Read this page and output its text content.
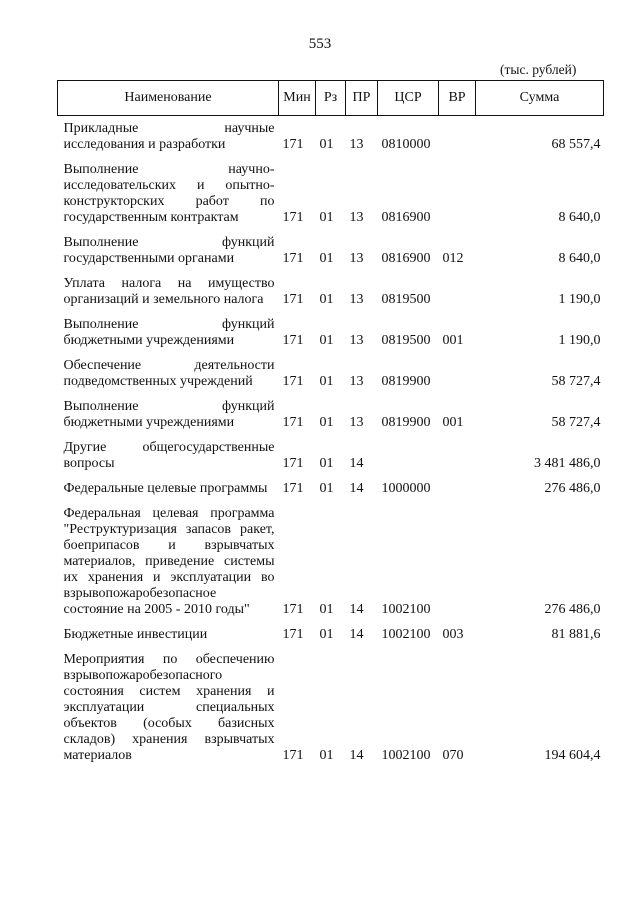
553
(тыс. рублей)
Наименование	Мин	Рз	ПР	ЦСР	ВР	Сумма
Прикладные научные исследования и разработки	171	01	13	0810000		68 557,4
Выполнение научно-исследовательских и опытно-конструкторских работ по государственным контрактам	171	01	13	0816900		8 640,0
Выполнение функций государственными органами	171	01	13	0816900	012	8 640,0
Уплата налога на имущество организаций и земельного налога	171	01	13	0819500		1 190,0
Выполнение функций бюджетными учреждениями	171	01	13	0819500	001	1 190,0
Обеспечение деятельности подведомственных учреждений	171	01	13	0819900		58 727,4
Выполнение функций бюджетными учреждениями	171	01	13	0819900	001	58 727,4
Другие общегосударственные вопросы	171	01	14			3 481 486,0
Федеральные целевые программы	171	01	14	1000000		276 486,0
Федеральная целевая программа "Реструктуризация запасов ракет, боеприпасов и взрывчатых материалов, приведение системы их хранения и эксплуатации во взрывопожаробезопасное состояние на 2005 - 2010 годы"	171	01	14	1002100		276 486,0
Бюджетные инвестиции	171	01	14	1002100	003	81 881,6
Мероприятия по обеспечению взрывопожаробезопасного состояния систем хранения и эксплуатации специальных объектов (особых базисных складов) хранения взрывчатых материалов	171	01	14	1002100	070	194 604,4
